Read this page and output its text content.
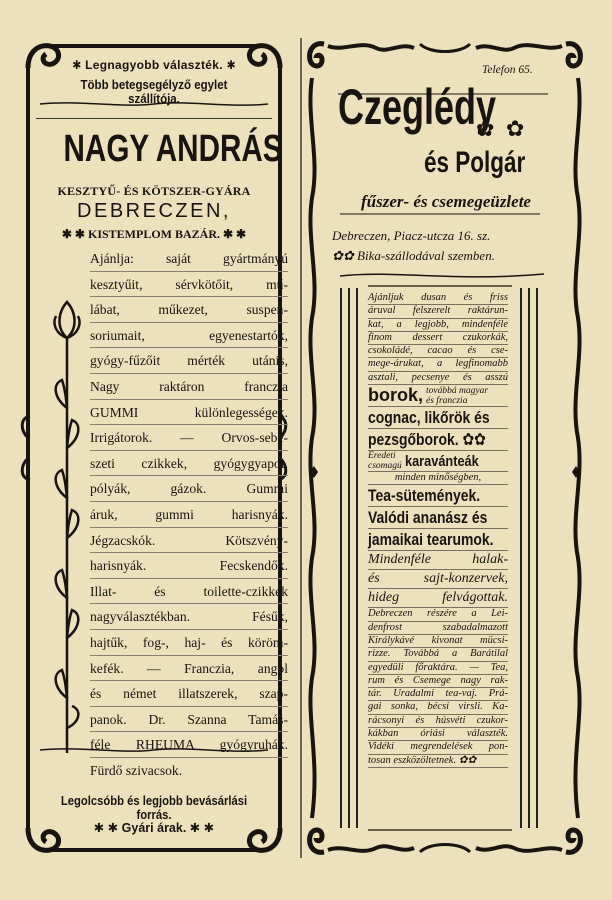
✱ Legnagyobb választék. ✱
Több betegsegélyző egylet szállítója.
NAGY ANDRÁS
KESZTYŰ- ÉS KÖTSZER-GYÁRA
DEBRECZEN,
✱ ✱ KISTEMPLOM BAZÁR. ✱ ✱
Ajánlja: saját gyártmányú
kesztyűit, sérvkötőit, mű-
lábat, műkezet, suspen-
soriumait, egyenestartók,
gyógy-fűzőit mérték utánis,
Nagy raktáron franczia
GUMMI különlegességek.
Irrigátorok. — Orvos-sebé-
szeti czikkek, gyógygyapot,
pólyák, gázok. Gummi
áruk, gummi harisnyák.
Jégzacskók. Kötszvény-
harisnyák. Fecskendők.
Illat- és toilette-czikkek
nagyválasztékban. Fésűk,
hajtűk, fog-, haj- és köröm-
kefék. — Franczia, angol
és német illatszerek, szap-
panok. Dr. Szanna Tamás-
féle RHEUMA gyógyruhák.
Fürdő szivacsok.
Legolcsóbb és legjobb bevásárlási forrás.
✱ ✱ Gyári árak. ✱ ✱
Telefon 65.
Czeglédy
✿ ✿
és Polgár
fűszer- és csemegeüzlete
Debreczen, Piacz-utcza 16. sz.
✿✿ Bika-szállodával szemben.
Ajánljuk dusan és friss
áruval felszerelt raktárun-
kat, a legjobb, mindenféle
finom dessert czukorkák,
csokoládé, cacao és cse-
mege-árukat, a legfinomabb
asztali, pecsenye és asszú
borok, továbbá magyar
és franczia
cognac, likőrök és
pezsgőborok. ✿✿
Eredeti
csomagú karavánteák
minden minőségben,
Tea-sütemények.
Valódi ananász és
jamaikai tearumok.
Mindenféle halak-
és sajt-konzervek,
hideg felvágottak.
Debreczen részére a Lei-
denfrost szabadalmazott
Királykávé kivonat mücsi-
rizze. Továbbá a Barátilal
egyedüli főraktára. — Tea,
rum és Csemege nagy rak-
tár. Uradalmi tea-vaj. Prá-
gai sonka, bécsi virsli. Ka-
rácsonyi és húsvéti czukor-
kákban óriási választék.
Vidéki megrendelések pon-
tosan eszközöltetnek. ✿✿
